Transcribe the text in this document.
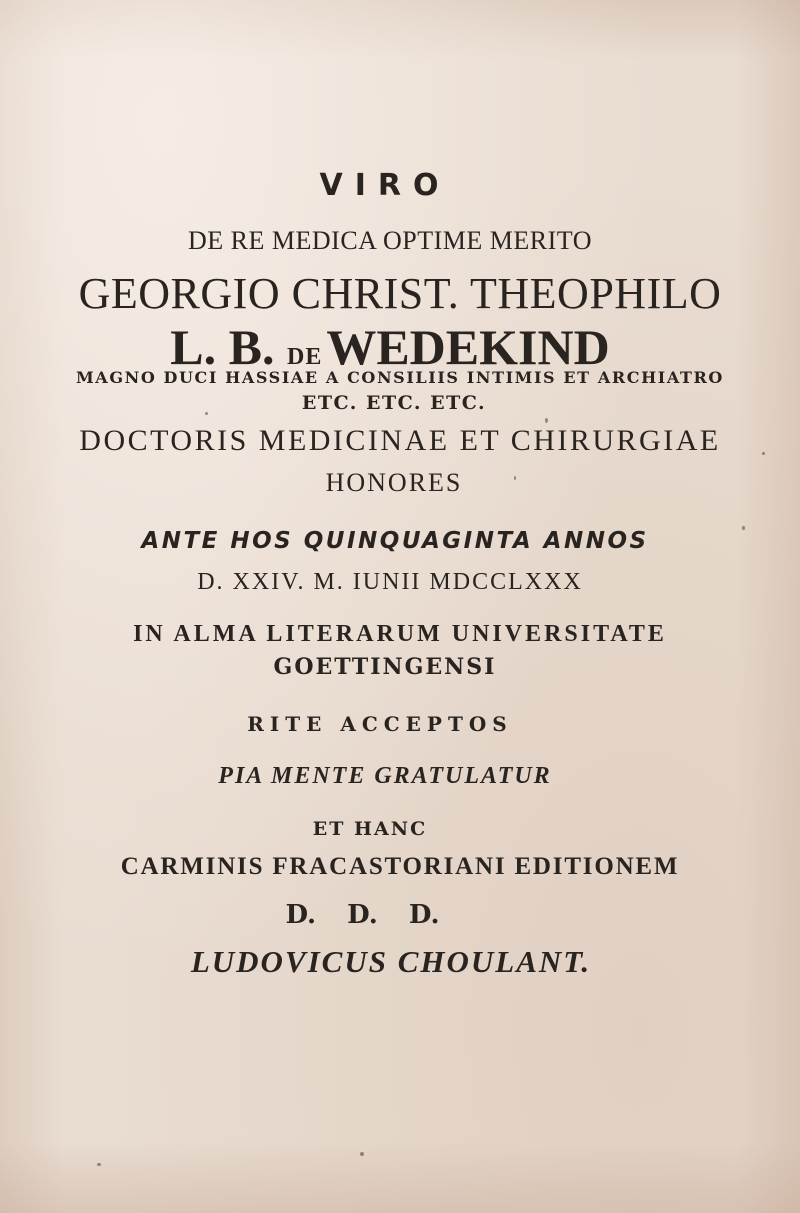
VIRO
DE RE MEDICA OPTIME MERITO
GEORGIO CHRIST. THEOPHILO
L. B. DEWEDEKIND
MAGNO DUCI HASSIAE A CONSILIIS INTIMIS ET ARCHIATRO
ETC. ETC. ETC.
DOCTORIS MEDICINAE ET CHIRURGIAE
HONORES
ANTE HOS QUINQUAGINTA ANNOS
D. XXIV. M. IUNII MDCCLXXX
IN ALMA LITERARUM UNIVERSITATE
GOETTINGENSI
RITE ACCEPTOS
PIA MENTE GRATULATUR
ET HANC
CARMINIS FRACASTORIANI EDITIONEM
D. D. D.
LUDOVICUS CHOULANT.
